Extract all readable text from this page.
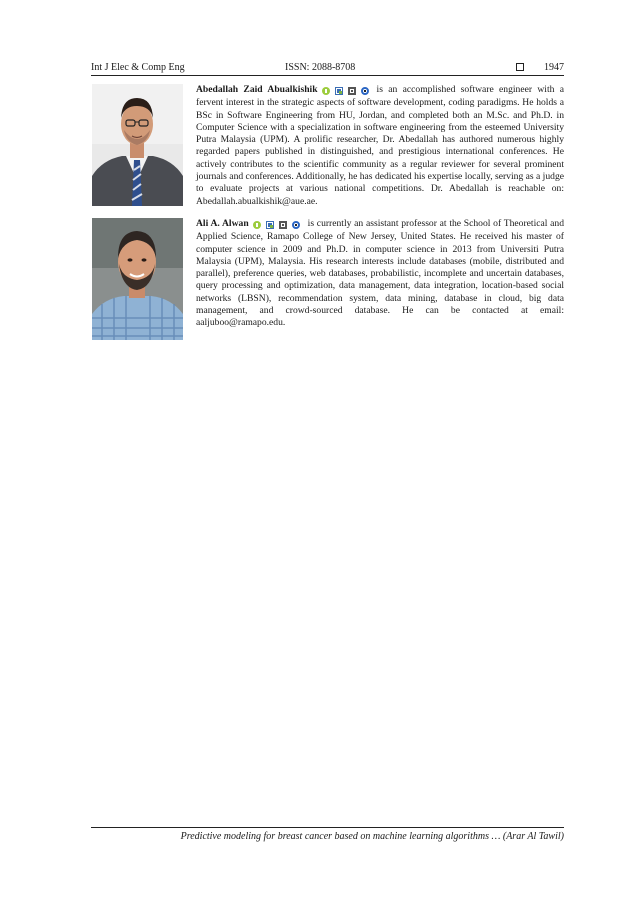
Int J Elec & Comp Eng	ISSN: 2088-8708	1947
Abedallah Zaid Abualkishik	is an accomplished software engineer with a fervent interest in the strategic aspects of software development, coding paradigms. He holds a BSc in Software Engineering from HU, Jordan, and completed both an M.Sc. and Ph.D. in Computer Science with a specialization in software engineering from the esteemed University Putra Malaysia (UPM). A prolific researcher, Dr. Abedallah has authored numerous highly regarded papers published in distinguished, and prestigious international conferences. He actively contributes to the scientific community as a regular reviewer for several prominent journals and conferences. Additionally, he has dedicated his expertise locally, serving as a judge to evaluate projects at various national competitions. Dr. Abedallah is reachable on: Abedallah.abualkishik@aue.ae.
Ali A. Alwan	is currently an assistant professor at the School of Theoretical and Applied Science, Ramapo College of New Jersey, United States. He received his master of computer science in 2009 and Ph.D. in computer science in 2013 from Universiti Putra Malaysia (UPM), Malaysia. His research interests include databases (mobile, distributed and parallel), preference queries, web databases, probabilistic, incomplete and uncertain databases, query processing and optimization, data management, data integration, location-based social networks (LBSN), recommendation system, data mining, database in cloud, big data management, and crowd-sourced database. He can be contacted at email: aaljuboo@ramapo.edu.
Predictive modeling for breast cancer based on machine learning algorithms … (Arar Al Tawil)
